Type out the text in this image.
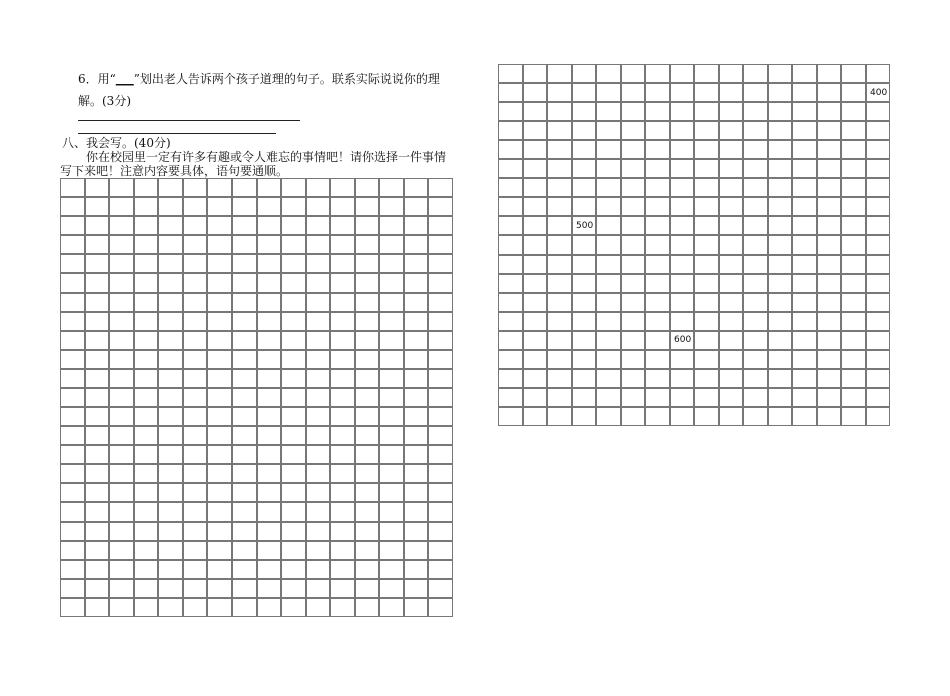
6．用“___”划出老人告诉两个孩子道理的句子。联系实际说说你的理解。(3分)
八、我会写。(40分)
你在校园里一定有许多有趣或令人难忘的事情吧！请你选择一件事情写下来吧！注意内容要具体，语句要通顺。
400
500
600
